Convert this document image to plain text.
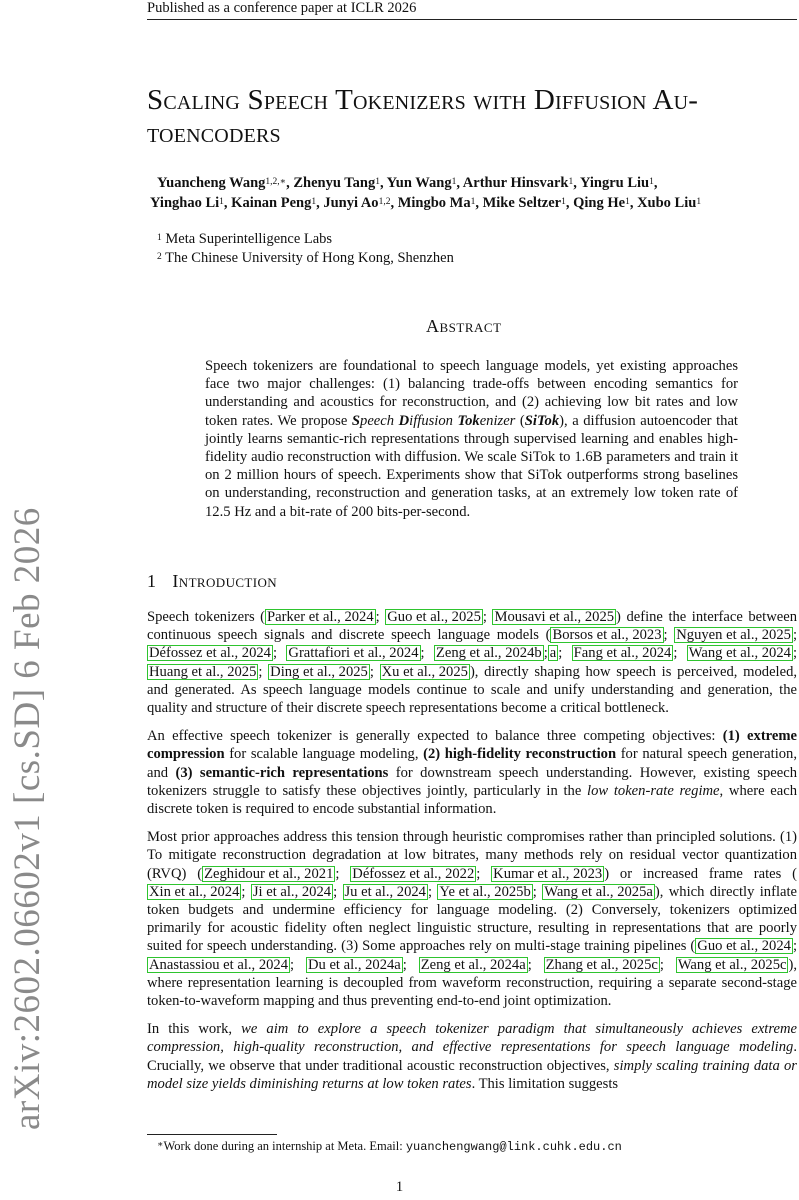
Published as a conference paper at ICLR 2026
arXiv:2602.06602v1 [cs.SD] 6 Feb 2026
Scaling Speech Tokenizers with Diffusion Au-
toencoders
Yuancheng Wang$^{1,2,∗}$, Zhenyu Tang$^1$, Yun Wang$^1$, Arthur Hinsvark$^1$, Yingru Liu$^1$,
Yinghao Li$^1$, Kainan Peng$^1$, Junyi Ao$^{1,2}$, Mingbo Ma$^1$, Mike Seltzer$^1$, Qing He$^1$, Xubo Liu$^1$
$^1$ Meta Superintelligence Labs
$^2$ The Chinese University of Hong Kong, Shenzhen
Abstract
Speech tokenizers are foundational to speech language models, yet existing approaches face two major challenges: (1) balancing trade-offs between encoding semantics for understanding and acoustics for reconstruction, and (2) achieving low bit rates and low token rates. We propose Speech Diffusion Tokenizer (SiTok), a diffusion autoencoder that jointly learns semantic-rich representations through supervised learning and enables high-fidelity audio reconstruction with diffusion. We scale SiTok to 1.6B parameters and train it on 2 million hours of speech. Experiments show that SiTok outperforms strong baselines on understanding, reconstruction and generation tasks, at an extremely low token rate of 12.5 Hz and a bit-rate of 200 bits-per-second.
1 Introduction

Speech tokenizers ( Parker et al., 2024 ; Guo et al., 2025 ; Mousavi et al., 2025 ) define the interface between continuous speech signals and discrete speech language models ( Borsos et al., 2023 ; Nguyen et al., 2025 ; Défossez et al., 2024 ; Grattafiori et al., 2024 ; Zeng et al., 2024b ; a ; Fang et al., 2024 ; Wang et al., 2024 ; Huang et al., 2025 ; Ding et al., 2025 ; Xu et al., 2025 ), directly shaping how speech is perceived, modeled, and generated. As speech language models continue to scale and unify understanding and generation, the quality and structure of their discrete speech representations become a critical bottleneck.

An effective speech tokenizer is generally expected to balance three competing objectives: (1) extreme compression for scalable language modeling, (2) high-fidelity reconstruction for natural speech generation, and (3) semantic-rich representations for downstream speech understanding. However, existing speech tokenizers struggle to satisfy these objectives jointly, particularly in the low token-rate regime, where each discrete token is required to encode substantial information.

Most prior approaches address this tension through heuristic compromises rather than principled solutions. (1) To mitigate reconstruction degradation at low bitrates, many methods rely on residual vector quantization (RVQ) ( Zeghidour et al., 2021 ; Défossez et al., 2022 ; Kumar et al., 2023 ) or increased frame rates (Xin et al., 2024 ; Ji et al., 2024 ; Ju et al., 2024 ; Ye et al., 2025b ; Wang et al., 2025a ), which directly inflate token budgets and undermine efficiency for language modeling. (2) Conversely, tokenizers optimized primarily for acoustic fidelity often neglect linguistic structure, resulting in representations that are poorly suited for speech understanding. (3) Some approaches rely on multi-stage training pipelines ( Guo et al., 2024 ; Anastassiou et al., 2024 ; Du et al., 2024a ; Zeng et al., 2024a ; Zhang et al., 2025c ; Wang et al., 2025c ), where representation learning is decoupled from waveform reconstruction, requiring a separate second-stage token-to-waveform mapping and thus preventing end-to-end joint optimization.

In this work, we aim to explore a speech tokenizer paradigm that simultaneously achieves extreme compression, high-quality reconstruction, and effective representations for speech language modeling. Crucially, we observe that under traditional acoustic reconstruction objectives, simply scaling training data or model size yields diminishing returns at low token rates. This limitation suggests

∗Work done during an internship at Meta. Email: yuanchengwang@link.cuhk.edu.cn
1
